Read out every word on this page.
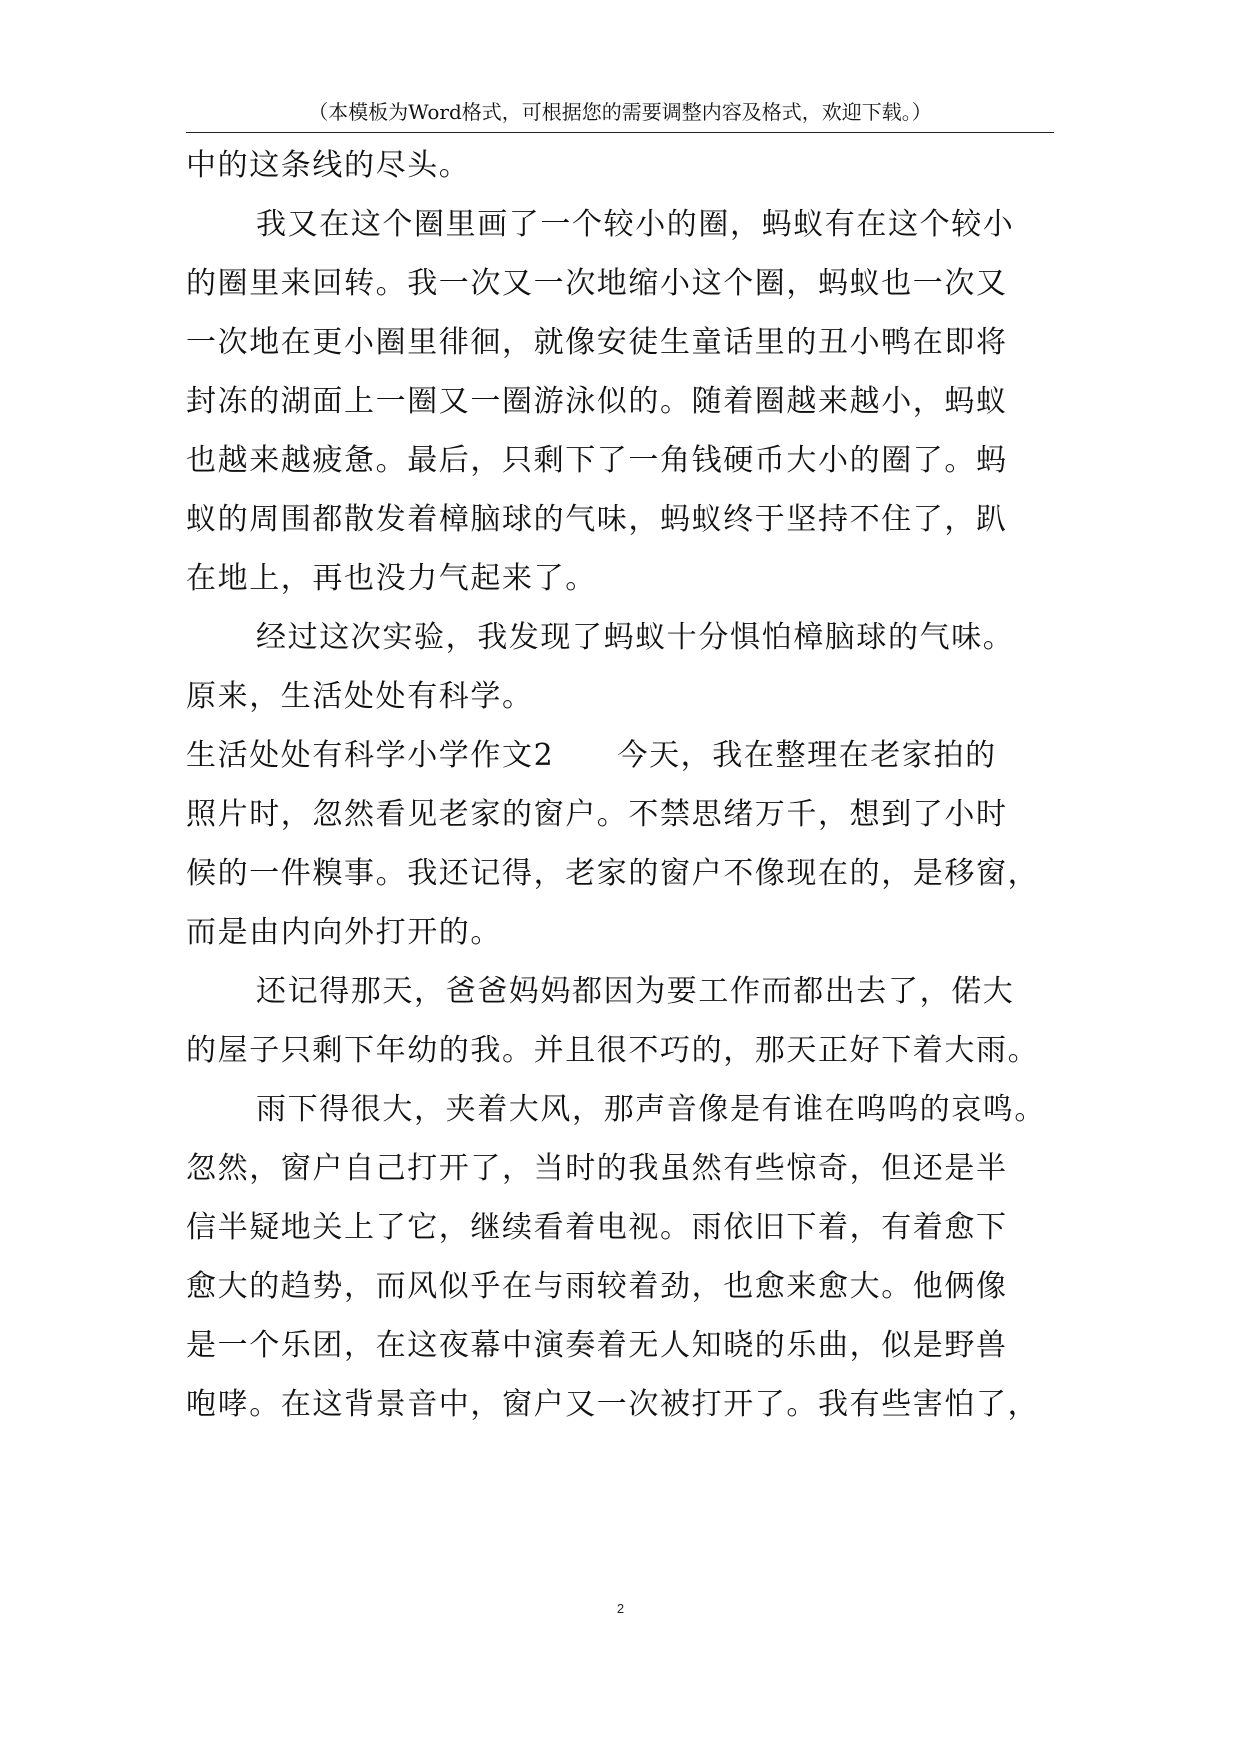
（本模板为Word格式，可根据您的需要调整内容及格式，欢迎下载。）
中的这条线的尽头。
我又在这个圈里画了一个较小的圈，蚂蚁有在这个较小
的圈里来回转。我一次又一次地缩小这个圈，蚂蚁也一次又
一次地在更小圈里徘徊，就像安徒生童话里的丑小鸭在即将
封冻的湖面上一圈又一圈游泳似的。随着圈越来越小，蚂蚁
也越来越疲惫。最后，只剩下了一角钱硬币大小的圈了。蚂
蚁的周围都散发着樟脑球的气味，蚂蚁终于坚持不住了，趴
在地上，再也没力气起来了。
经过这次实验，我发现了蚂蚁十分惧怕樟脑球的气味。
原来，生活处处有科学。
生活处处有科学小学作文2　　今天，我在整理在老家拍的
照片时，忽然看见老家的窗户。不禁思绪万千，想到了小时
候的一件糗事。我还记得，老家的窗户不像现在的，是移窗，
而是由内向外打开的。
还记得那天，爸爸妈妈都因为要工作而都出去了，偌大
的屋子只剩下年幼的我。并且很不巧的，那天正好下着大雨。
雨下得很大，夹着大风，那声音像是有谁在呜呜的哀鸣。
忽然，窗户自己打开了，当时的我虽然有些惊奇，但还是半
信半疑地关上了它，继续看着电视。雨依旧下着，有着愈下
愈大的趋势，而风似乎在与雨较着劲，也愈来愈大。他俩像
是一个乐团，在这夜幕中演奏着无人知晓的乐曲，似是野兽
咆哮。在这背景音中，窗户又一次被打开了。我有些害怕了，
2
